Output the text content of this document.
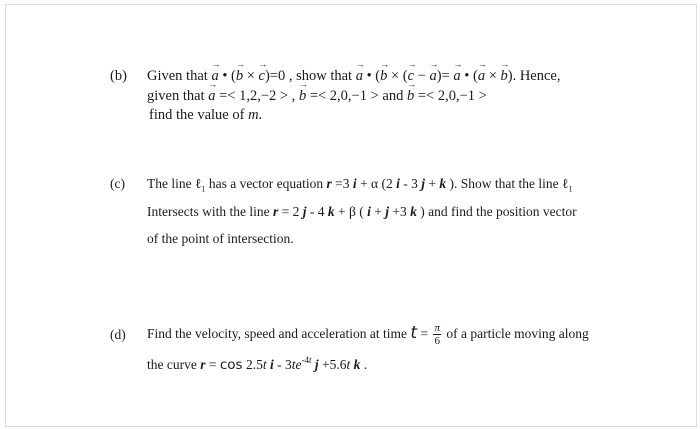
(b) Given that → a • (→ b × → c)=0 , show that → a • (→ b × (→ c − → a)= → a • (→ a × → b). Hence,
given that → a =< 1,2,−2 > , → b =< 2,0,−1 > and → b =< 2,0,−1 >
find the value of m.
(c) The line ℓ$_1$ has a vector equation r =3 i + α (2 i - 3 j + k ). Show that the line ℓ$_1$
Intersects with the line r = 2 j - 4 k + β ( i + j +3 k ) and find the position vector
of the point of intersection.
(d) Find the velocity, speed and acceleration at time $t = \frac{\pi}{6}$ of a particle moving along
the curve r = cos 2.5t i - $3te^{-4t}$ j +5.6t k .
